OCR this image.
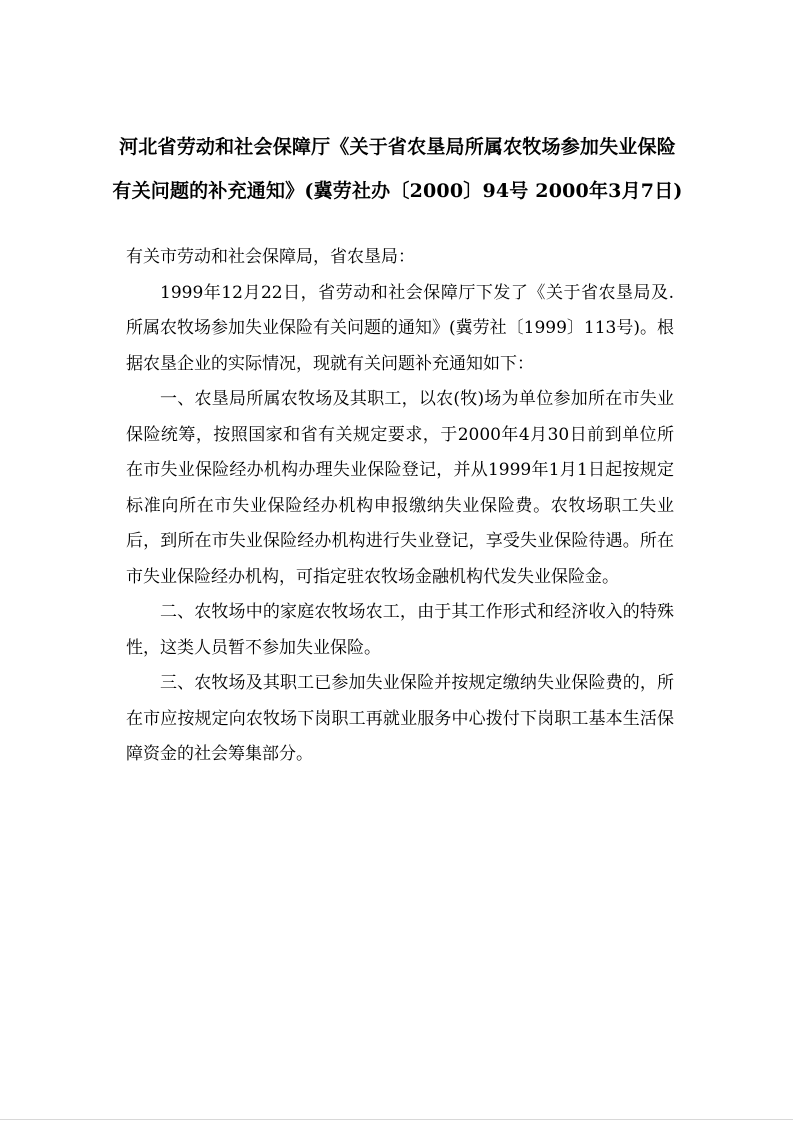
河北省劳动和社会保障厅《关于省农垦局所属农牧场参加失业保险有关问题的补充通知》(冀劳社办〔2000〕94号 2000年3月7日)

有关市劳动和社会保障局，省农垦局：

1999年12月22日，省劳动和社会保障厅下发了《关于省农垦局及.所属农牧场参加失业保险有关问题的通知》(冀劳社〔1999〕113号)。根据农垦企业的实际情况，现就有关问题补充通知如下：

一、农垦局所属农牧场及其职工，以农(牧)场为单位参加所在市失业保险统筹，按照国家和省有关规定要求，于2000年4月30日前到单位所在市失业保险经办机构办理失业保险登记，并从1999年1月1日起按规定标准向所在市失业保险经办机构申报缴纳失业保险费。农牧场职工失业后，到所在市失业保险经办机构进行失业登记，享受失业保险待遇。所在市失业保险经办机构，可指定驻农牧场金融机构代发失业保险金。

二、农牧场中的家庭农牧场农工，由于其工作形式和经济收入的特殊性，这类人员暂不参加失业保险。

三、农牧场及其职工已参加失业保险并按规定缴纳失业保险费的，所在市应按规定向农牧场下岗职工再就业服务中心拨付下岗职工基本生活保障资金的社会筹集部分。
